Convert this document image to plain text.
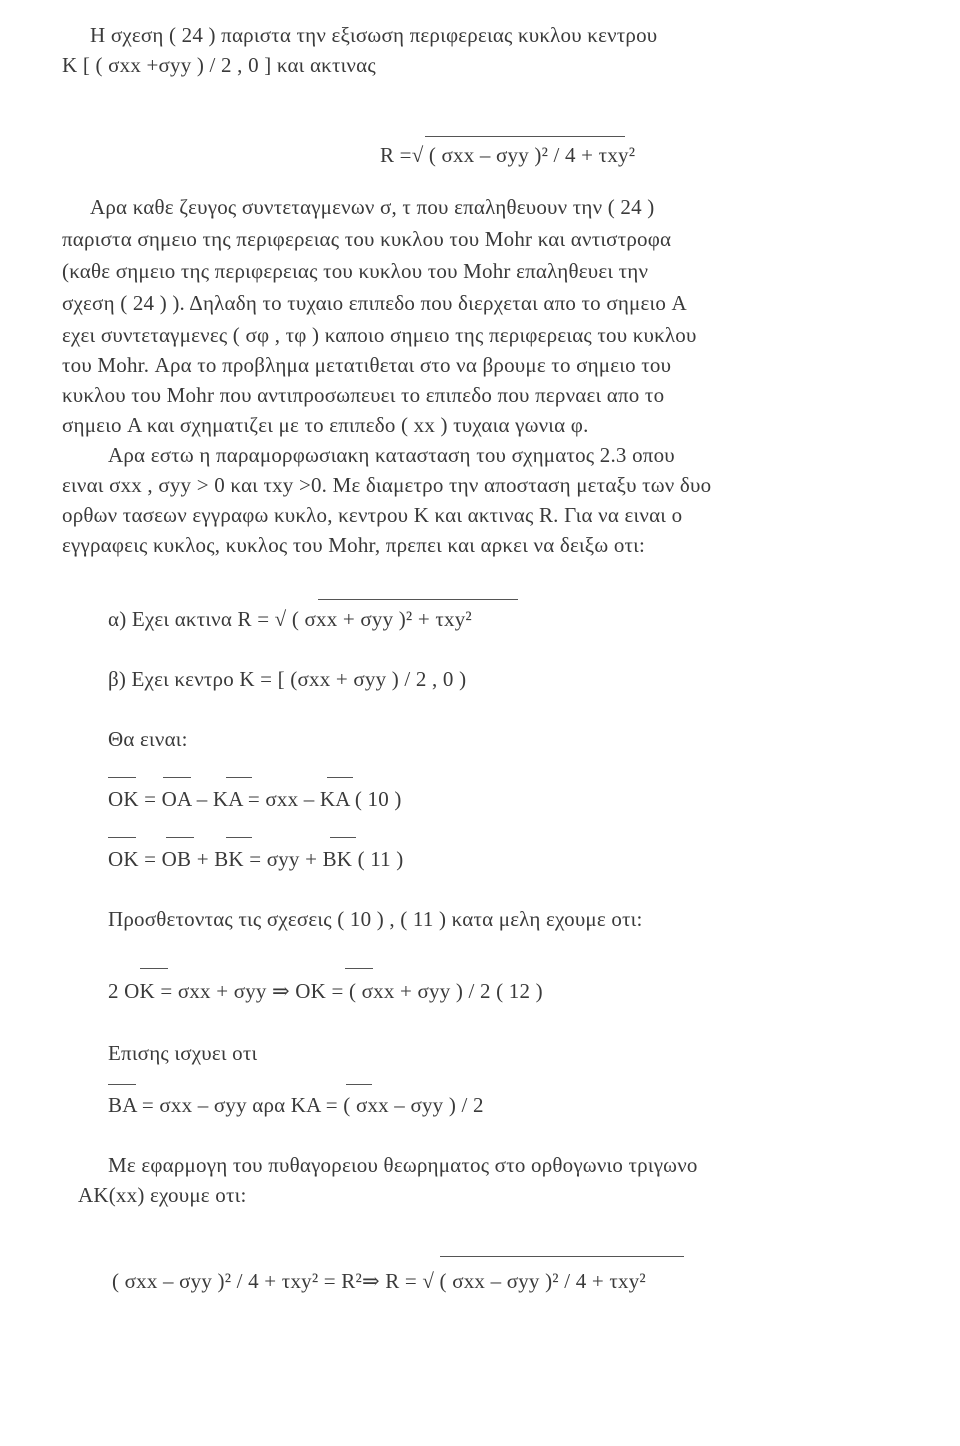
Η σχεση ( 24 ) παριστα την εξισωση περιφερειας κυκλου κεντρου
K [ ( σxx +σyy ) / 2 , 0 ] και ακτινας
R =√ ( σxx – σyy )² / 4 + τxy²
Αρα καθε ζευγος συντεταγμενων σ, τ που επαληθευουν την ( 24 )
παριστα σημειο της περιφερειας του κυκλου του Mohr και αντιστροφα
(καθε σημειο της περιφερειας του κυκλου του Mohr επαληθευει την
σχεση ( 24 ) ). Δηλαδη το τυχαιο επιπεδο που διερχεται απο το σημειο A
εχει συντεταγμενες ( σφ , τφ ) καποιο σημειο της περιφερειας του κυκλου
του Mohr. Αρα το προβλημα μετατιθεται στο να βρουμε το σημειο του
κυκλου του Mohr που αντιπροσωπευει το επιπεδο που περναει απο το
σημειο A και σχηματιζει με το επιπεδο ( xx ) τυχαια γωνια φ.
Αρα εστω η παραμορφωσιακη κατασταση του σχηματος 2.3 οπου
ειναι σxx , σyy > 0 και τxy >0. Με διαμετρο την αποσταση μεταξυ των δυο
ορθων τασεων εγγραφω κυκλο, κεντρου K και ακτινας R. Για να ειναι ο
εγγραφεις κυκλος, κυκλος του Mohr, πρεπει και αρκει να δειξω οτι:
α) Εχει ακτινα R = √ ( σxx + σyy )² + τxy²
β) Εχει κεντρο K = [ (σxx + σyy ) / 2 , 0 )
Θα ειναι:
OK = OA – KA = σxx – KA ( 10 )
OK = OB + BK = σyy + BK ( 11 )
Προσθετοντας τις σχεσεις ( 10 ) , ( 11 ) κατα μελη εχουμε οτι:
2 OK = σxx + σyy ⇒ OK = ( σxx + σyy ) / 2 ( 12 )
Επισης ισχυει οτι
BA = σxx – σyy αρα KA = ( σxx – σyy ) / 2
Με εφαρμογη του πυθαγορειου θεωρηματος στο ορθογωνιο τριγωνο
AK(xx) εχουμε οτι:
( σxx – σyy )² / 4 + τxy² = R²⇒ R = √ ( σxx – σyy )² / 4 + τxy²
